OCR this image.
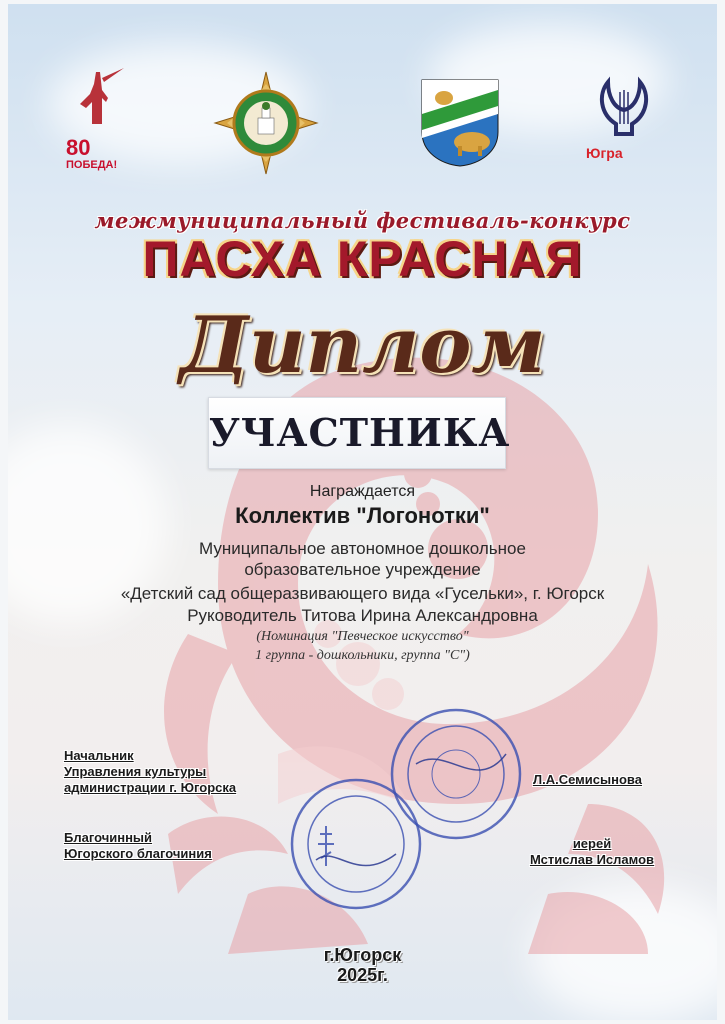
80
ПОБЕДА!
Югра
межмуниципальный фестиваль-конкурс
ПАСХА КРАСНАЯ
Диплом
УЧАСТНИКА
Награждается
Коллектив "Логонотки"
Муниципальное автономное дошкольное
образовательное учреждение
«Детский сад общеразвивающего вида «Гусельки», г. Югорск
Руководитель Титова Ирина Александровна
(Номинация "Певческое искусство"
1 группа - дошкольники, группа "С")
Начальник
Управления культуры
администрации г. Югорска
Л.А.Семисынова
Благочинный
Югорского благочиния
иерей
Мстислав Исламов
г.Югорск
2025г.
